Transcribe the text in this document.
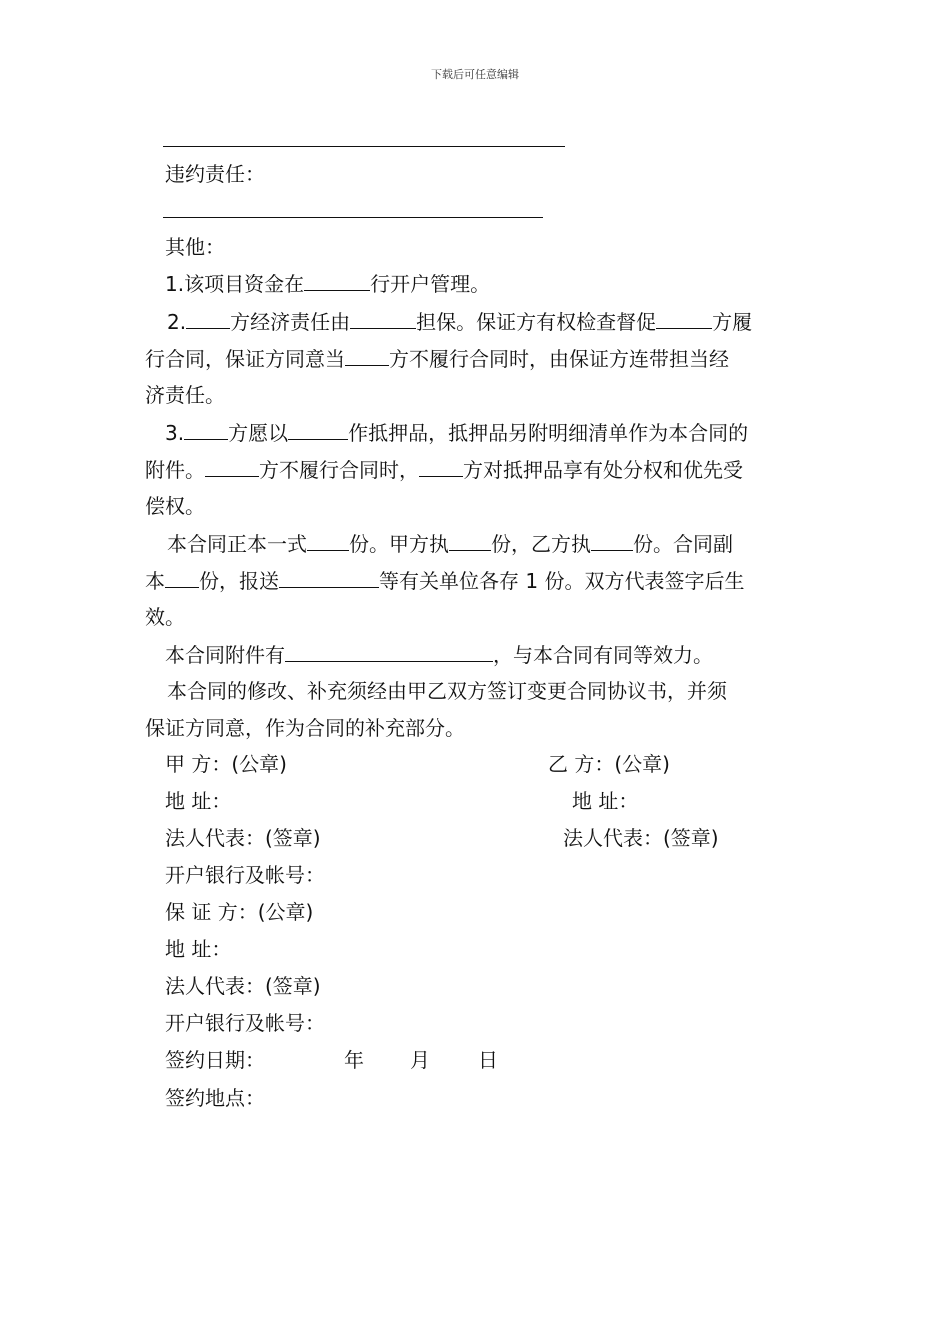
下载后可任意编辑
违约责任：
其他：
1.该项目资金在	行开户管理。
2. 方经济责任由	担保。保证方有权检查督促	方履
行合同，保证方同意当 方不履行合同时，由保证方连带担当经
济责任。
3. 方愿以	作抵押品，抵押品另附明细清单作为本合同的
附件。	方不履行合同时， 方对抵押品享有处分权和优先受
偿权。
本合同正本一式 份。甲方执 份，乙方执 份。合同副
本 份，报送	等有关单位各存 1 份。双方代表签字后生
效。
本合同附件有	，与本合同有同等效力。
本合同的修改、补充须经由甲乙双方签订变更合同协议书，并须
保证方同意，作为合同的补充部分。
甲 方：(公章)	乙 方：(公章)
地 址：	地 址：
法人代表：(签章)	法人代表：(签章)
开户银行及帐号：
保 证 方：(公章)
地 址：
法人代表：(签章)
开户银行及帐号：
签约日期：	年 月 日
签约地点：
